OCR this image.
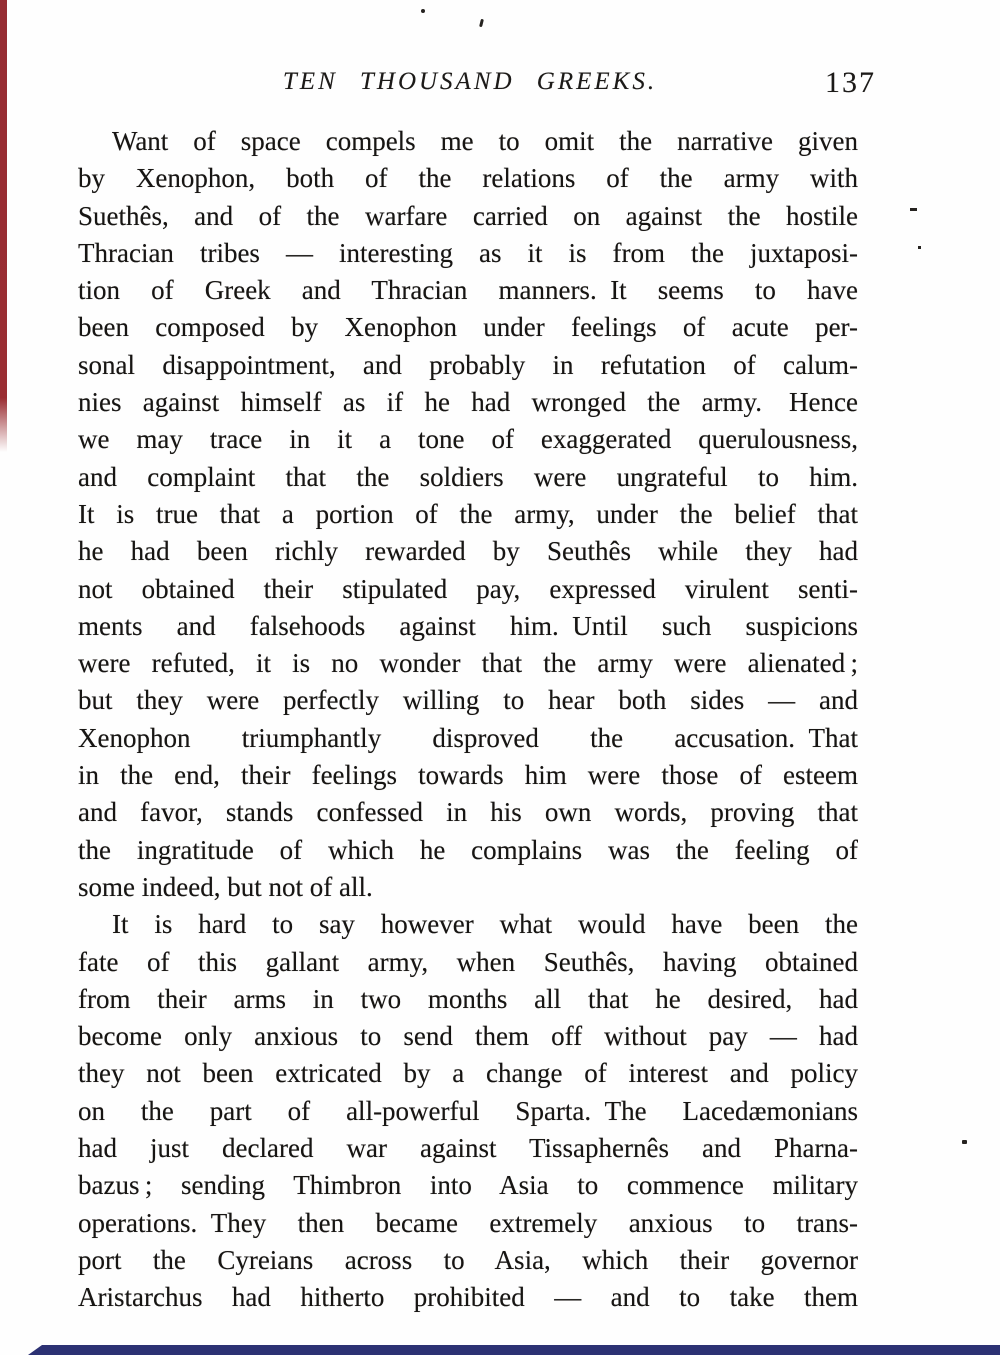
TEN THOUSAND GREEKS.	137
Want of space compels me to omit the narrative given
by Xenophon, both of the relations of the army with
Suethês, and of the warfare carried on against the hostile
Thracian tribes — interesting as it is from the juxtaposi-
tion of Greek and Thracian manners. It seems to have
been composed by Xenophon under feelings of acute per-
sonal disappointment, and probably in refutation of calum-
nies against himself as if he had wronged the army. Hence
we may trace in it a tone of exaggerated querulousness,
and complaint that the soldiers were ungrateful to him.
It is true that a portion of the army, under the belief that
he had been richly rewarded by Seuthês while they had
not obtained their stipulated pay, expressed virulent senti-
ments and falsehoods against him. Until such suspicions
were refuted, it is no wonder that the army were alienated ;
but they were perfectly willing to hear both sides — and
Xenophon triumphantly disproved the accusation. That
in the end, their feelings towards him were those of esteem
and favor, stands confessed in his own words, proving that
the ingratitude of which he complains was the feeling of
some indeed, but not of all.
It is hard to say however what would have been the
fate of this gallant army, when Seuthês, having obtained
from their arms in two months all that he desired, had
become only anxious to send them off without pay — had
they not been extricated by a change of interest and policy
on the part of all-powerful Sparta. The Lacedæmonians
had just declared war against Tissaphernês and Pharna-
bazus ; sending Thimbron into Asia to commence military
operations. They then became extremely anxious to trans-
port the Cyreians across to Asia, which their governor
Aristarchus had hitherto prohibited — and to take them
